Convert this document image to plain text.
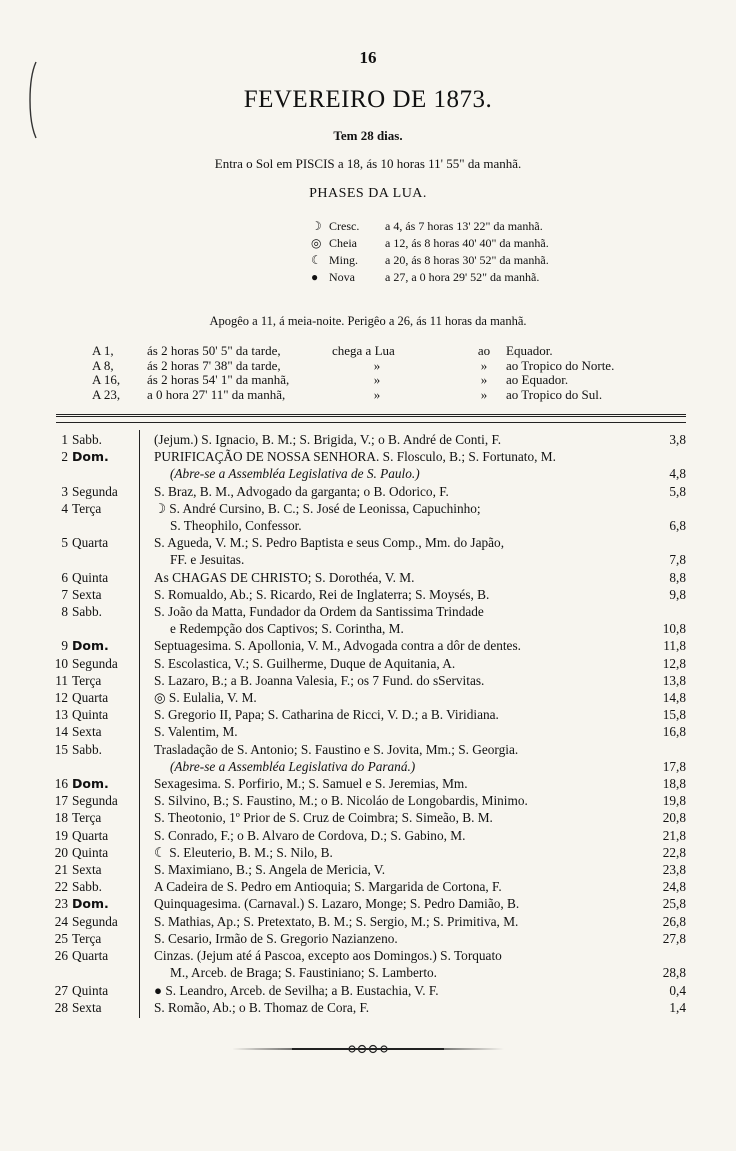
16
FEVEREIRO DE 1873.
Tem 28 dias.
Entra o Sol em PISCIS a 18, ás 10 horas 11' 55" da manhã.
PHASES DA LUA.
☽ Cresc.	a 4, ás 7 horas 13' 22" da manhã.
◎ Cheia	a 12, ás 8 horas 40' 40" da manhã.
☾ Ming.	a 20, ás 8 horas 30' 52" da manhã.
● Nova	a 27, a 0 hora 29' 52" da manhã.
Apogêo a 11, á meia-noite. Perigêo a 26, ás 11 horas da manhã.
A 1,	ás 2 horas 50' 5" da tarde,	chega a Lua	ao	Equador.
A 8,	ás 2 horas 7' 38" da tarde,	»	»	ao Tropico do Norte.
A 16,	ás 2 horas 54' 1" da manhã,	»	»	ao Equador.
A 23,	a 0 hora 27' 11" da manhã,	»	»	ao Tropico do Sul.
1 Sabb.	(Jejum.) S. Ignacio, B. M.; S. Brigida, V.; o B. André de Conti, F.	3,8
2 Dom.	PURIFICAÇÃO DE NOSSA SENHORA. S. Flosculo, B.; S. Fortunato, M.
(Abre-se a Assembléa Legislativa de S. Paulo.)	4,8
3 Segunda	S. Braz, B. M., Advogado da garganta; o B. Odorico, F.	5,8
4 Terça	☽ S. André Cursino, B. C.; S. José de Leonissa, Capuchinho;
S. Theophilo, Confessor.	6,8
5 Quarta	S. Agueda, V. M.; S. Pedro Baptista e seus Comp., Mm. do Japão,
FF. e Jesuitas.	7,8
6 Quinta	As CHAGAS DE CHRISTO; S. Dorothéa, V. M.	8,8
7 Sexta	S. Romualdo, Ab.; S. Ricardo, Rei de Inglaterra; S. Moysés, B.	9,8
8 Sabb.	S. João da Matta, Fundador da Ordem da Santissima Trindade
e Redempção dos Captivos; S. Corintha, M.	10,8
9 Dom.	Septuagesima. S. Apollonia, V. M., Advogada contra a dôr de dentes.	11,8
10 Segunda	S. Escolastica, V.; S. Guilherme, Duque de Aquitania, A.	12,8
11 Terça	S. Lazaro, B.; a B. Joanna Valesia, F.; os 7 Fund. do sServitas.	13,8
12 Quarta	◎ S. Eulalia, V. M.	14,8
13 Quinta	S. Gregorio II, Papa; S. Catharina de Ricci, V. D.; a B. Viridiana.	15,8
14 Sexta	S. Valentim, M.	16,8
15 Sabb.	Trasladação de S. Antonio; S. Faustino e S. Jovita, Mm.; S. Georgia.
(Abre-se a Assembléa Legislativa do Paraná.)	17,8
16 Dom.	Sexagesima. S. Porfirio, M.; S. Samuel e S. Jeremias, Mm.	18,8
17 Segunda	S. Silvino, B.; S. Faustino, M.; o B. Nicoláo de Longobardis, Minimo.	19,8
18 Terça	S. Theotonio, 1º Prior de S. Cruz de Coimbra; S. Simeão, B. M.	20,8
19 Quarta	S. Conrado, F.; o B. Alvaro de Cordova, D.; S. Gabino, M.	21,8
20 Quinta	☾ S. Eleuterio, B. M.; S. Nilo, B.	22,8
21 Sexta	S. Maximiano, B.; S. Angela de Mericia, V.	23,8
22 Sabb.	A Cadeira de S. Pedro em Antioquia; S. Margarida de Cortona, F.	24,8
23 Dom.	Quinquagesima. (Carnaval.) S. Lazaro, Monge; S. Pedro Damião, B.	25,8
24 Segunda	S. Mathias, Ap.; S. Pretextato, B. M.; S. Sergio, M.; S. Primitiva, M.	26,8
25 Terça	S. Cesario, Irmão de S. Gregorio Nazianzeno.	27,8
26 Quarta	Cinzas. (Jejum até á Pascoa, excepto aos Domingos.) S. Torquato
M., Arceb. de Braga; S. Faustiniano; S. Lamberto.	28,8
27 Quinta	● S. Leandro, Arceb. de Sevilha; a B. Eustachia, V. F.	0,4
28 Sexta	S. Romão, Ab.; o B. Thomaz de Cora, F.	1,4
